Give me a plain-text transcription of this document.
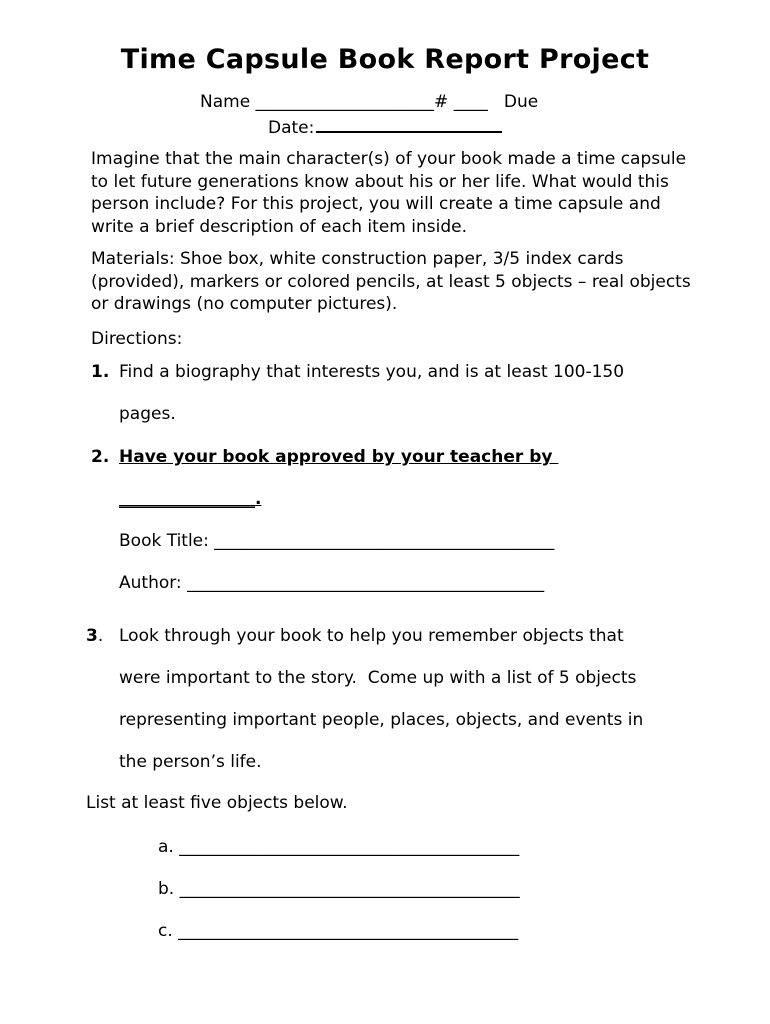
Time Capsule Book Report Project
Name _____________________# ____   Due
Date:
Imagine that the main character(s) of your book made a time capsule to let future generations know about his or her life. What would this person include? For this project, you will create a time capsule and write a brief description of each item inside.
Materials: Shoe box, white construction paper, 3/5 index cards (provided), markers or colored pencils, at least 5 objects – real objects or drawings (no computer pictures).
Directions:
1. Find a biography that interests you, and is at least 100-150
pages.
2. Have your book approved by your teacher by
________________.
Book Title: ________________________________________
Author: __________________________________________
3. Look through your book to help you remember objects that
were important to the story.  Come up with a list of 5 objects
representing important people, places, objects, and events in
the person’s life.
List at least five objects below.
a. ________________________________________
b. ________________________________________
c. ________________________________________
